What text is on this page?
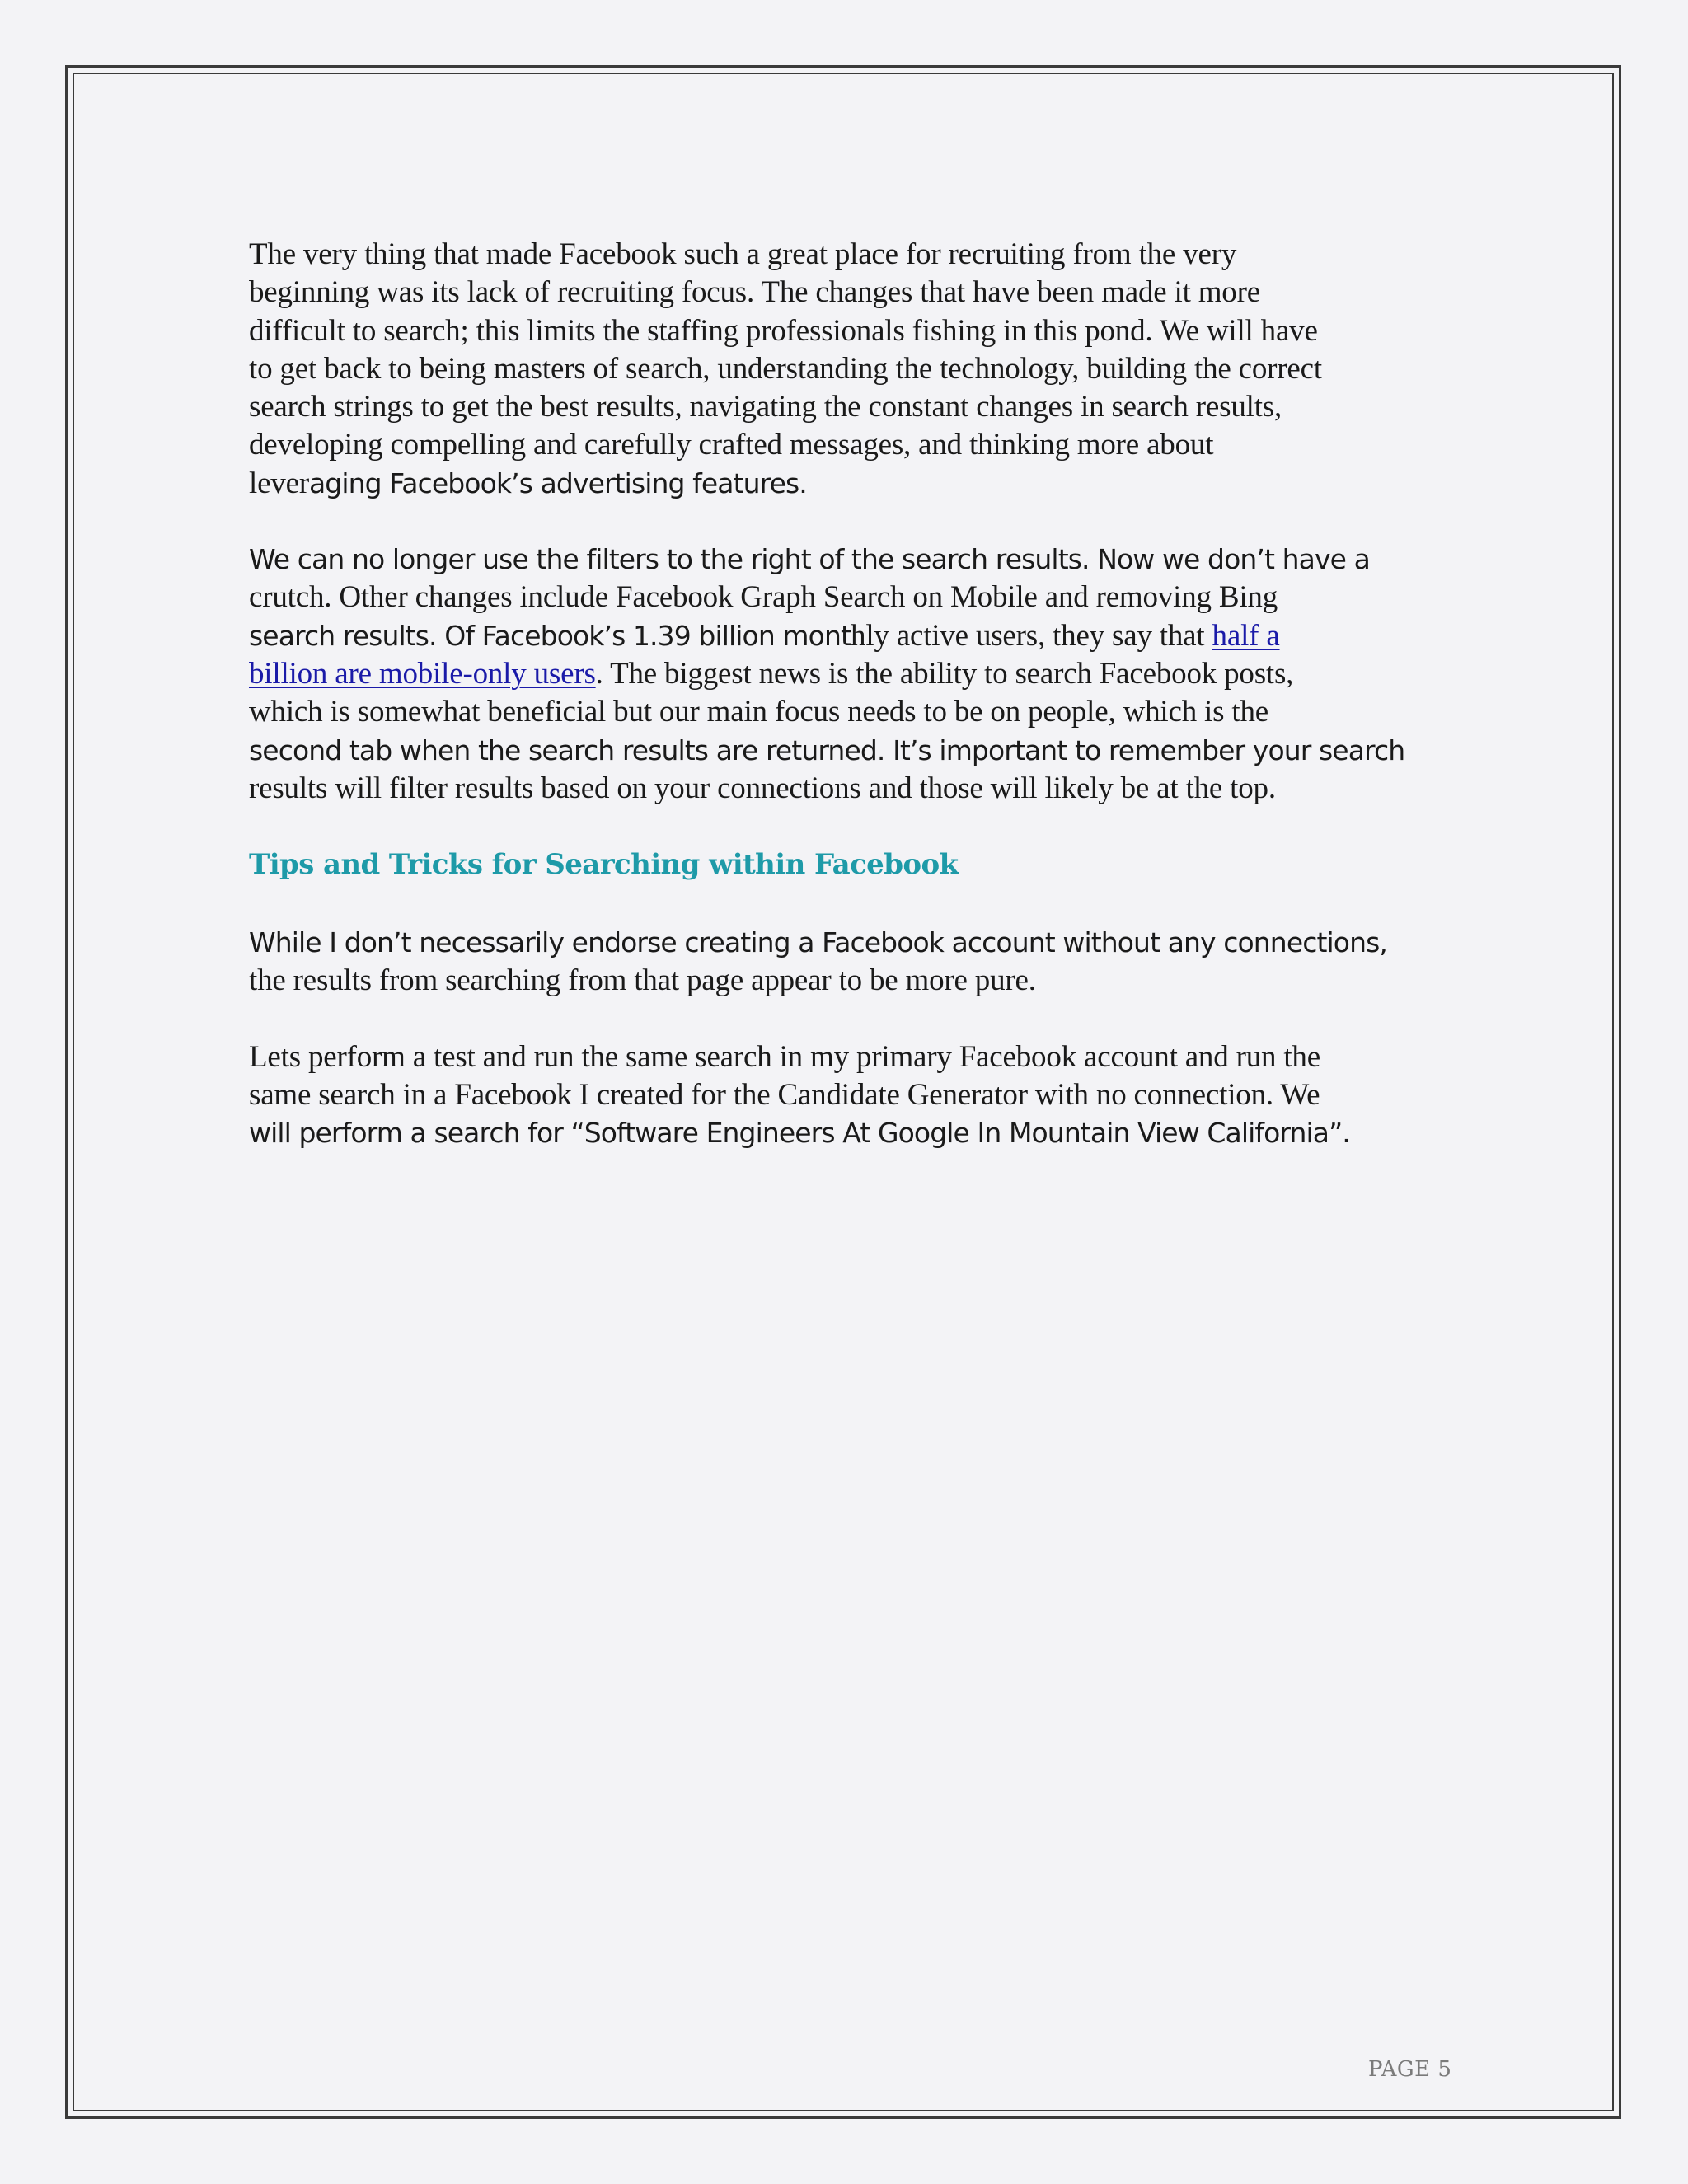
The very thing that made Facebook such a great place for recruiting from the very
beginning was its lack of recruiting focus. The changes that have been made it more
difficult to search; this limits the staffing professionals fishing in this pond. We will have
to get back to being masters of search, understanding the technology, building the correct
search strings to get the best results, navigating the constant changes in search results,
developing compelling and carefully crafted messages, and thinking more about
leveraging Facebook’s advertising features.

We can no longer use the filters to the right of the search results. Now we don’t have a
crutch. Other changes include Facebook Graph Search on Mobile and removing Bing
search results. Of Facebook’s 1.39 billion monthly active users, they say that half a
billion are mobile-only users. The biggest news is the ability to search Facebook posts,
which is somewhat beneficial but our main focus needs to be on people, which is the
second tab when the search results are returned. It’s important to remember your search
results will filter results based on your connections and those will likely be at the top.

Tips and Tricks for Searching within Facebook

While I don’t necessarily endorse creating a Facebook account without any connections,
the results from searching from that page appear to be more pure.

Lets perform a test and run the same search in my primary Facebook account and run the
same search in a Facebook I created for the Candidate Generator with no connection. We
will perform a search for “Software Engineers At Google In Mountain View California”.

PAGE 5
